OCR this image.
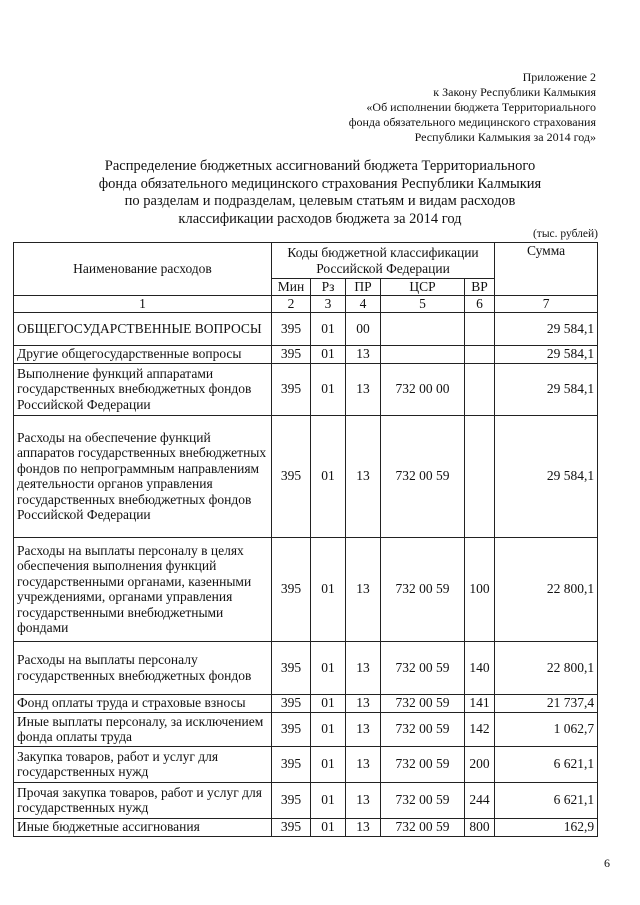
Приложение 2
к Закону Республики Калмыкия
«Об исполнении бюджета Территориального
фонда обязательного медицинского страхования
Республики Калмыкия за 2014 год»
Распределение бюджетных ассигнований бюджета Территориального
фонда обязательного медицинского страхования Республики Калмыкия
по разделам и подразделам, целевым статьям и видам расходов
классификации расходов бюджета за 2014 год
(тыс. рублей)
Наименование расходов	Коды бюджетной классификации Российской Федерации					Сумма
	Мин	Рз	ПР	ЦСР	ВР	
1	2	3	4	5	6	7
ОБЩЕГОСУДАРСТВЕННЫЕ ВОПРОСЫ	395	01	00			29 584,1
Другие общегосударственные вопросы	395	01	13			29 584,1
Выполнение функций аппаратами государственных внебюджетных фондов Российской Федерации	395	01	13	732 00 00		29 584,1
Расходы на обеспечение функций аппаратов государственных внебюджетных фондов по непрограммным направлениям деятельности органов управления государственных внебюджетных фондов Российской Федерации	395	01	13	732 00 59		29 584,1
Расходы на выплаты персоналу в целях обеспечения выполнения функций государственными органами, казенными учреждениями, органами управления государственными внебюджетными фондами	395	01	13	732 00 59	100	22 800,1
Расходы на выплаты персоналу государственных внебюджетных фондов	395	01	13	732 00 59	140	22 800,1
Фонд оплаты труда и страховые взносы	395	01	13	732 00 59	141	21 737,4
Иные выплаты персоналу, за исключением фонда оплаты труда	395	01	13	732 00 59	142	1 062,7
Закупка товаров, работ и услуг для государственных нужд	395	01	13	732 00 59	200	6 621,1
Прочая закупка товаров, работ и услуг для государственных нужд	395	01	13	732 00 59	244	6 621,1
Иные бюджетные ассигнования	395	01	13	732 00 59	800	162,9
6
